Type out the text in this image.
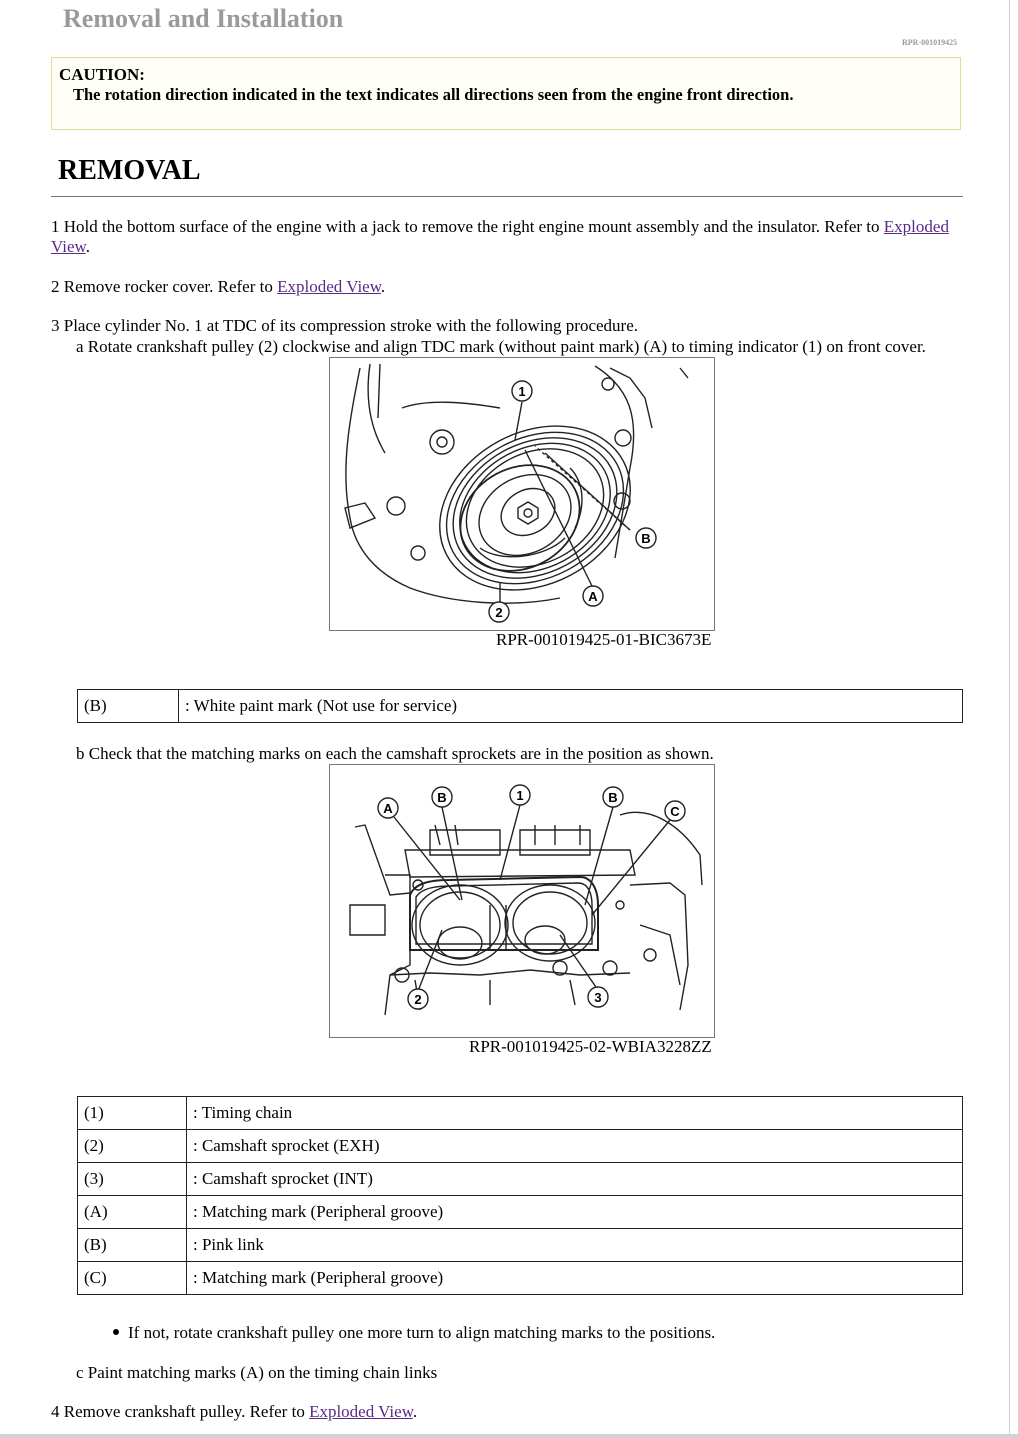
Removal and Installation
RPR-001019425
CAUTION:
The rotation direction indicated in the text indicates all directions seen from the engine front direction.
REMOVAL
1 Hold the bottom surface of the engine with a jack to remove the right engine mount assembly and the insulator. Refer to Exploded
View.
2 Remove rocker cover. Refer to Exploded View.
3 Place cylinder No. 1 at TDC of its compression stroke with the following procedure.
a Rotate crankshaft pulley (2) clockwise and align TDC mark (without paint mark) (A) to timing indicator (1) on front cover.
1
B
A
2
RPR-001019425-01-BIC3673E
(B)	: White paint mark (Not use for service)
b Check that the matching marks on each the camshaft sprockets are in the position as shown.
A
B	1	B
C
2	3
RPR-001019425-02-WBIA3228ZZ
(1)	: Timing chain
(2)	: Camshaft sprocket (EXH)
(3)	: Camshaft sprocket (INT)
(A)	: Matching mark (Peripheral groove)
(B)	: Pink link
(C)	: Matching mark (Peripheral groove)
If not, rotate crankshaft pulley one more turn to align matching marks to the positions.
c Paint matching marks (A) on the timing chain links
4 Remove crankshaft pulley. Refer to Exploded View.
